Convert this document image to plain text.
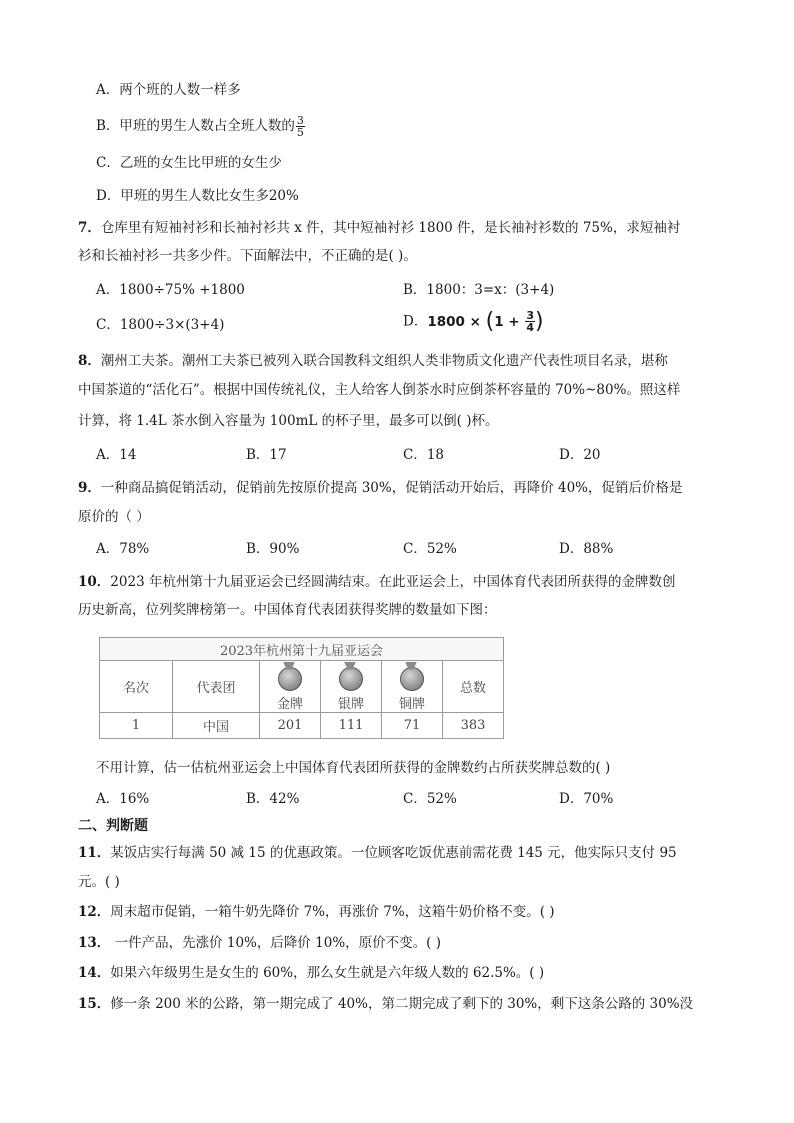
A．两个班的人数一样多
B．甲班的男生人数占全班人数的 $\frac{3}{5}$
C．乙班的女生比甲班的女生少
D．甲班的男生人数比女生多20%
7．仓库里有短袖衬衫和长袖衬衫共 x 件，其中短袖衬衫 1800 件，是长袖衬衫数的 75%，求短袖衬
衫和长袖衬衫一共多少件。下面解法中，不正确的是( )。
A．1800÷75% +1800	B．1800：3=x：(3+4)
C．1800÷3×(3+4)	D．$1800 \times (1 + \frac{3}{4}$ )
8．潮州工夫茶。潮州工夫茶已被列入联合国教科文组织人类非物质文化遗产代表性项目名录，堪称
中国茶道的“活化石”。根据中国传统礼仪，主人给客人倒茶水时应倒茶杯容量的 70%~80%。照这样
计算，将 1.4L 茶水倒入容量为 100mL 的杯子里，最多可以倒( )杯。
A．14	B．17	C．18	D．20
9．一种商品搞促销活动，促销前先按原价提高 30%，促销活动开始后，再降价 40%，促销后价格是
原价的（ ）
A．78%	B．90%	C．52%	D．88%
10．2023 年杭州第十九届亚运会已经圆满结束。在此亚运会上，中国体育代表团所获得的金牌数创
历史新高，位列奖牌榜第一。中国体育代表团获得奖牌的数量如下图：
2023年杭州第十九届亚运会					
名次	代表团	金牌	银牌	铜牌	总数
1	中国	201	111	71	383
不用计算，估一估杭州亚运会上中国体育代表团所获得的金牌数约占所获奖牌总数的( )
A．16%	B．42%	C．52%	D．70%
二、判断题
11．某饭店实行每满 50 减 15 的优惠政策。一位顾客吃饭优惠前需花费 145 元，他实际只支付 95
元。( )
12．周末超市促销，一箱牛奶先降价 7%，再涨价 7%，这箱牛奶价格不变。( )
13． 一件产品，先涨价 10%，后降价 10%，原价不变。( )
14．如果六年级男生是女生的 60%，那么女生就是六年级人数的 62.5%。( )
15．修一条 200 米的公路，第一期完成了 40%，第二期完成了剩下的 30%，剩下这条公路的 30%没
